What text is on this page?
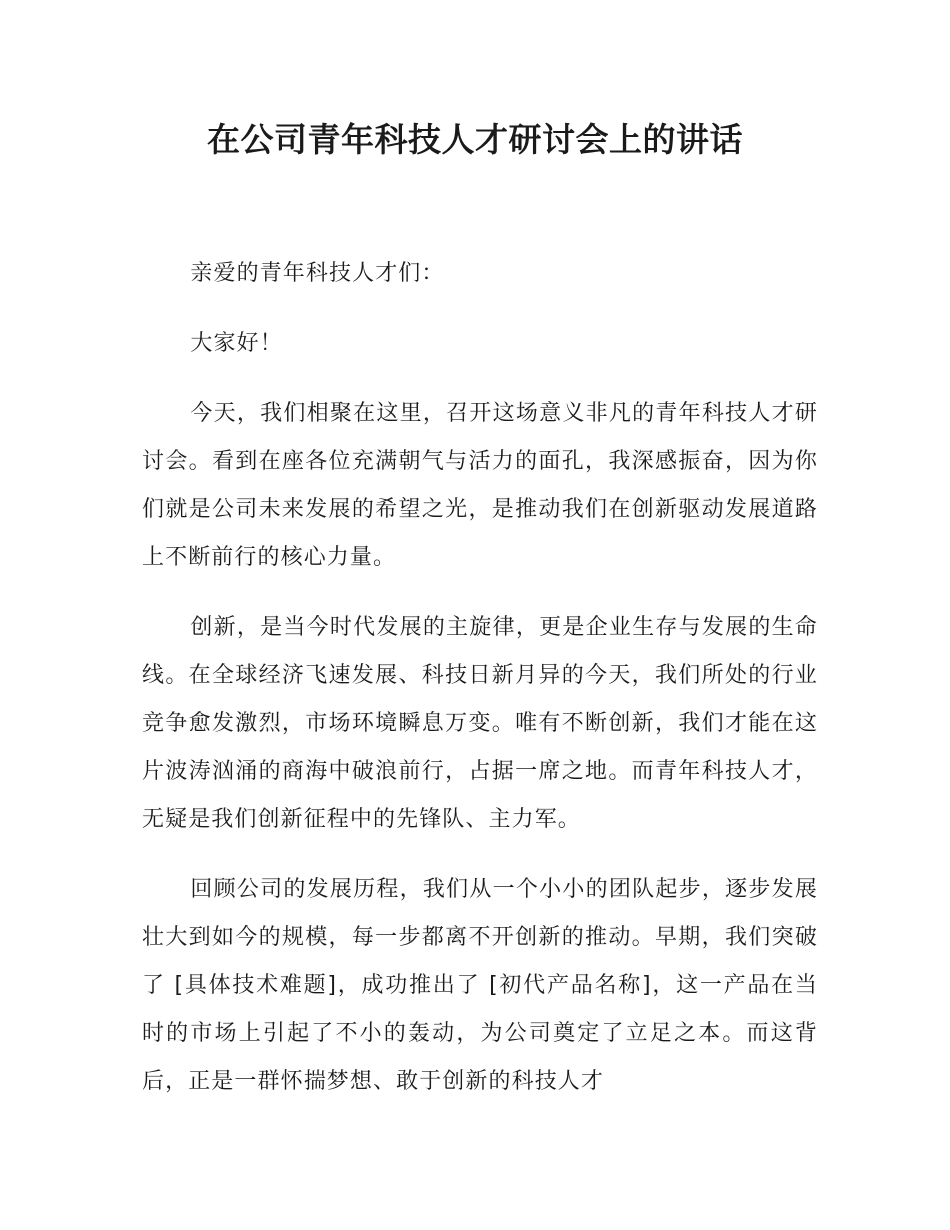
在公司青年科技人才研讨会上的讲话

亲爱的青年科技人才们：

大家好！

今天，我们相聚在这里，召开这场意义非凡的青年科技人才研讨会。看到在座各位充满朝气与活力的面孔，我深感振奋，因为你们就是公司未来发展的希望之光，是推动我们在创新驱动发展道路上不断前行的核心力量。

创新，是当今时代发展的主旋律，更是企业生存与发展的生命线。在全球经济飞速发展、科技日新月异的今天，我们所处的行业竞争愈发激烈，市场环境瞬息万变。唯有不断创新，我们才能在这片波涛汹涌的商海中破浪前行，占据一席之地。而青年科技人才，无疑是我们创新征程中的先锋队、主力军。

回顾公司的发展历程，我们从一个小小的团队起步，逐步发展壮大到如今的规模，每一步都离不开创新的推动。早期，我们突破了 [具体技术难题]，成功推出了 [初代产品名称]，这一产品在当时的市场上引起了不小的轰动，为公司奠定了立足之本。而这背后，正是一群怀揣梦想、敢于创新的科技人才
